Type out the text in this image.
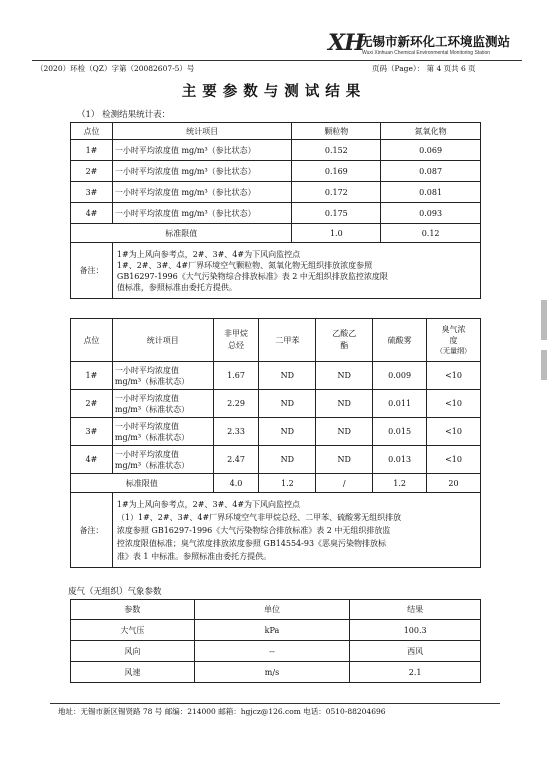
XH
无锡市新环化工环境监测站
Wuxi Xinhuan Chemical Environmental Monitoring Station
（2020）环检（QZ）字第（20082607-5）号	页码（Page）： 第 4 页共 6 页
主要参数与测试结果
（1） 检测结果统计表：
点位	统计项目	颗粒物	氮氧化物
1#	一小时平均浓度值 mg/m³（参比状态）	0.152	0.069
2#	一小时平均浓度值 mg/m³（参比状态）	0.169	0.087
3#	一小时平均浓度值 mg/m³（参比状态）	0.172	0.081
4#	一小时平均浓度值 mg/m³（参比状态）	0.175	0.093
标准限值		1.0	0.12
备注：	1#为上风向参考点，2#、3#、4#为下风向监控点
1#、2#、3#、4#厂界环境空气颗粒物、氮氧化物无组织排放浓度参照
GB16297-1996《大气污染物综合排放标准》表 2 中无组织排放监控浓度限
值标准，参照标准由委托方提供。		
点位	统计项目	非甲烷总烃	二甲苯	乙酸乙酯	硫酸雾	臭气浓度
（无量纲）

1#	一小时平均浓度值
mg/m³（标准状态）	1.67	ND	ND	0.009	<10
2#	一小时平均浓度值
mg/m³（标准状态）	2.29	ND	ND	0.011	<10
3#	一小时平均浓度值
mg/m³（标准状态）	2.33	ND	ND	0.015	<10
4#	一小时平均浓度值
mg/m³（标准状态）	2.47	ND	ND	0.013	<10
标准限值		4.0	1.2	/	1.2	20
备注：	1#为上风向参考点，2#、3#、4#为下风向监控点
（1）1#、2#、3#、4#厂界环境空气非甲烷总烃、二甲苯、硫酸雾无组织排放
浓度参照 GB16297-1996《大气污染物综合排放标准》表 2 中无组织排放监
控浓度限值标准；臭气浓度排放浓度参照 GB14554-93《恶臭污染物排放标
准》表 1 中标准。参照标准由委托方提供。					
废气（无组织）气象参数
参数	单位	结果
大气压	kPa	100.3
风向	--	西风
风速	m/s	2.1
地址：无锡市新区锡贤路 78 号 邮编：214000 邮箱：hgjcz@126.com 电话：0510-88204696
